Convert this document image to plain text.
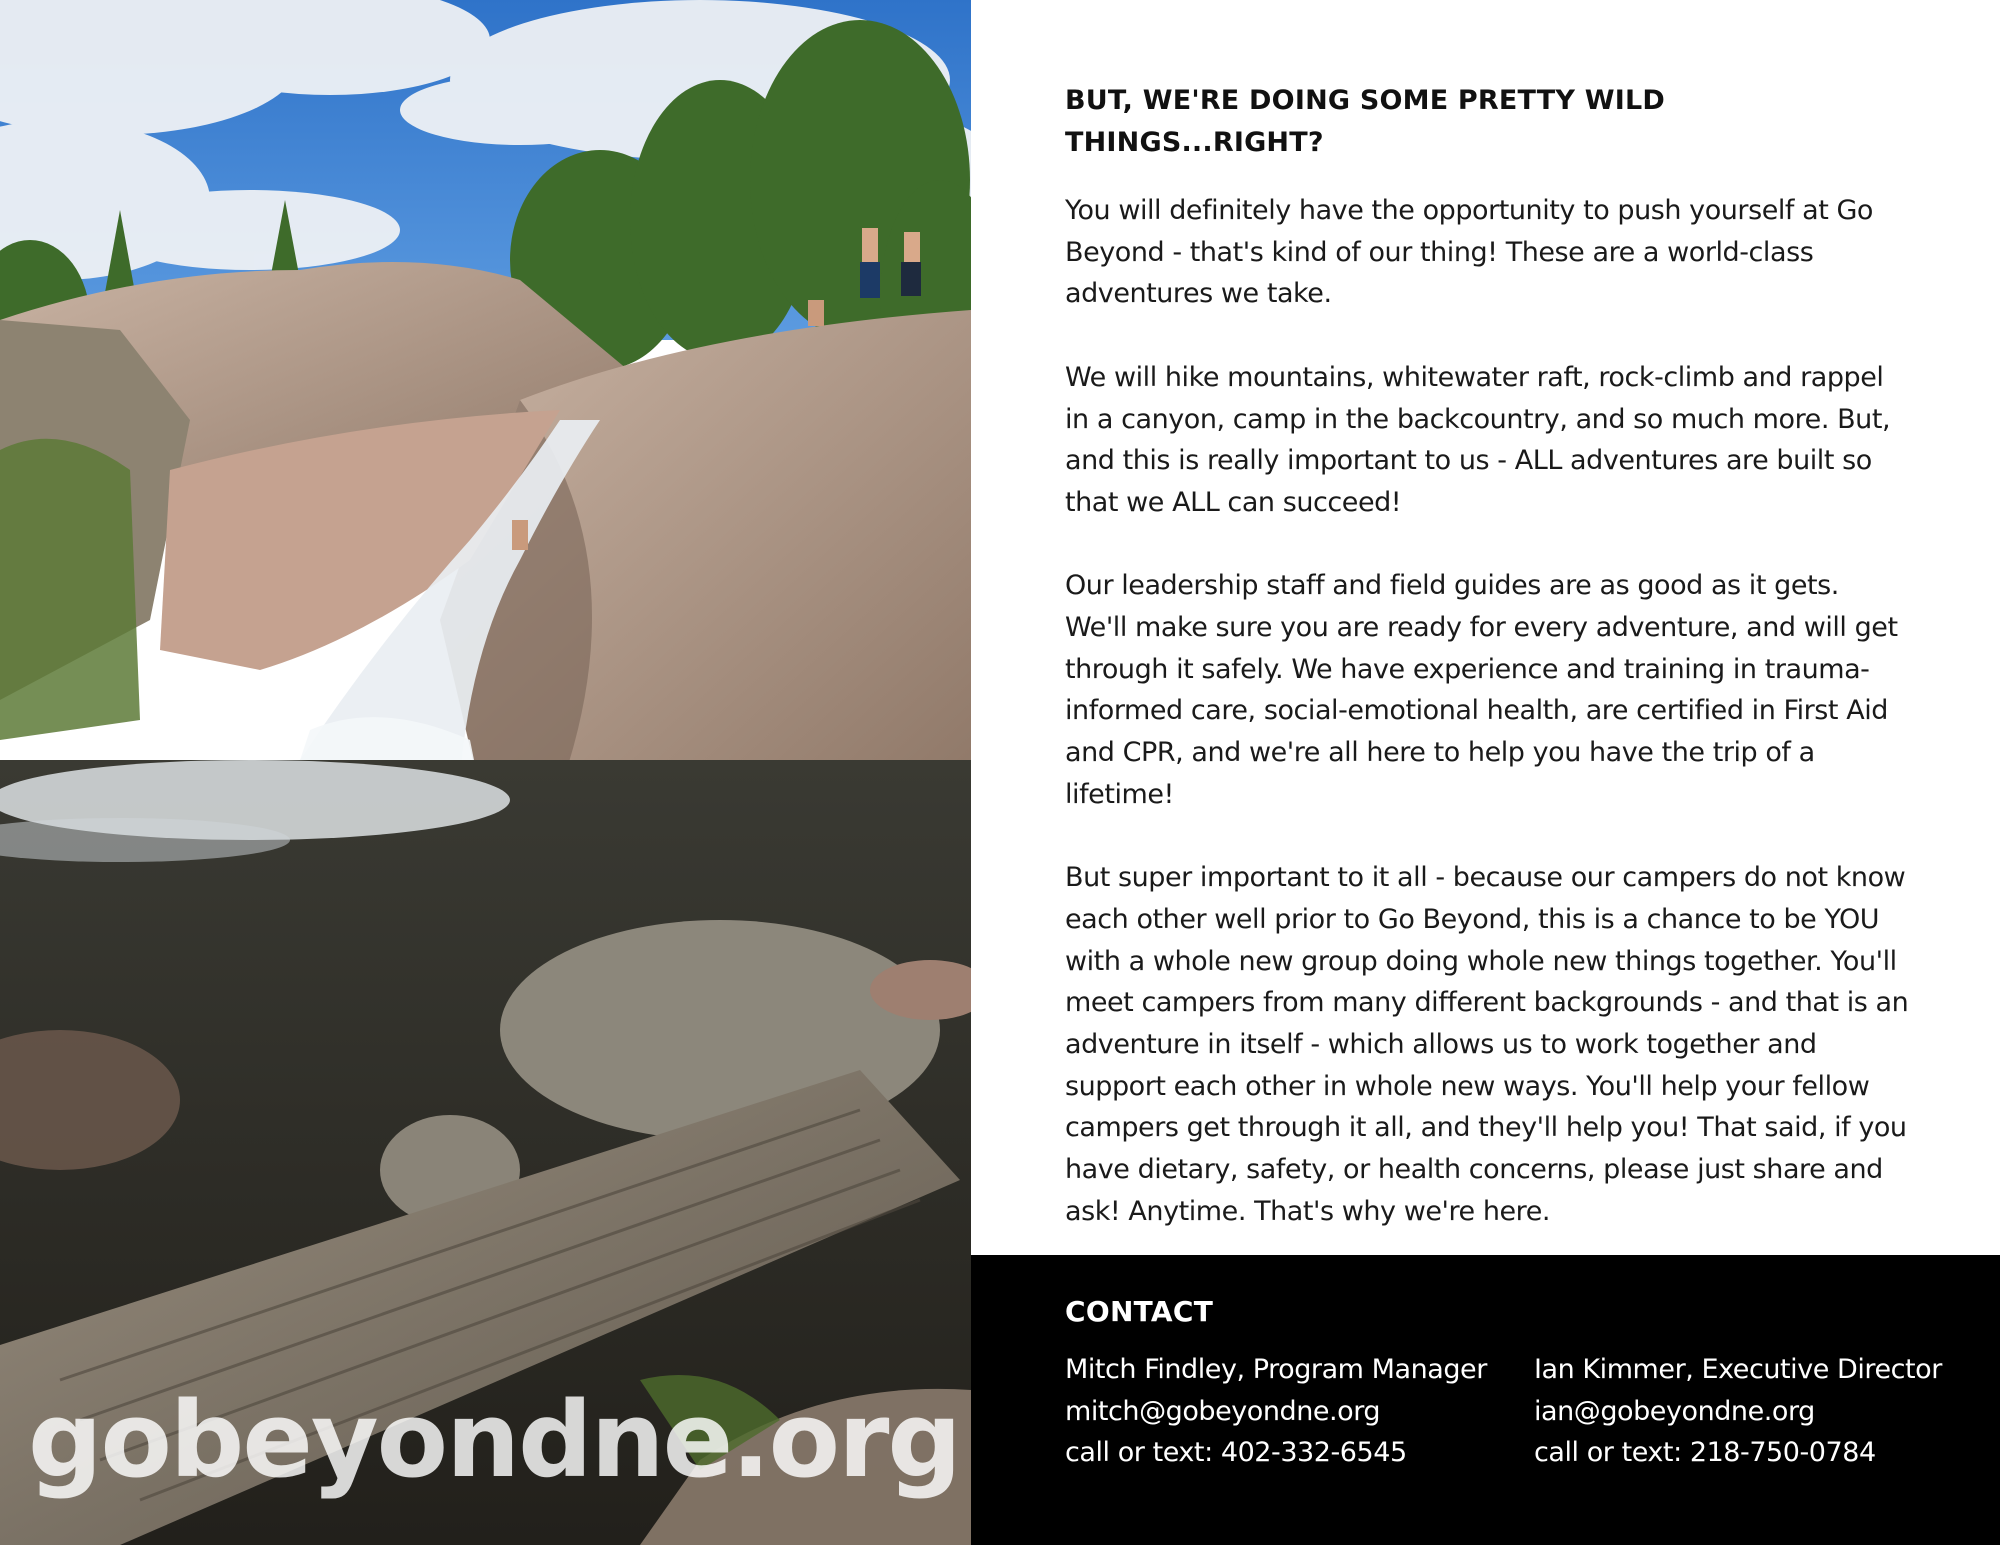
gobeyondne.org
BUT, WE'RE DOING SOME PRETTY WILD THINGS...RIGHT?

You will definitely have the opportunity to push yourself at Go
Beyond - that's kind of our thing! These are a world-class
adventures we take.

We will hike mountains, whitewater raft, rock-climb and rappel
in a canyon, camp in the backcountry, and so much more. But,
and this is really important to us - ALL adventures are built so
that we ALL can succeed!

Our leadership staff and field guides are as good as it gets.
We'll make sure you are ready for every adventure, and will get
through it safely. We have experience and training in trauma-
informed care, social-emotional health, are certified in First Aid
and CPR, and we're all here to help you have the trip of a
lifetime!

But super important to it all - because our campers do not know
each other well prior to Go Beyond, this is a chance to be YOU
with a whole new group doing whole new things together. You'll
meet campers from many different backgrounds - and that is an
adventure in itself - which allows us to work together and
support each other in whole new ways. You'll help your fellow
campers get through it all, and they'll help you! That said, if you
have dietary, safety, or health concerns, please just share and
ask! Anytime. That's why we're here.

CONTACT
Mitch Findley, Program Manager
mitch@gobeyondne.org
call or text: 402-332-6545
Ian Kimmer, Executive Director
ian@gobeyondne.org
call or text: 218-750-0784
